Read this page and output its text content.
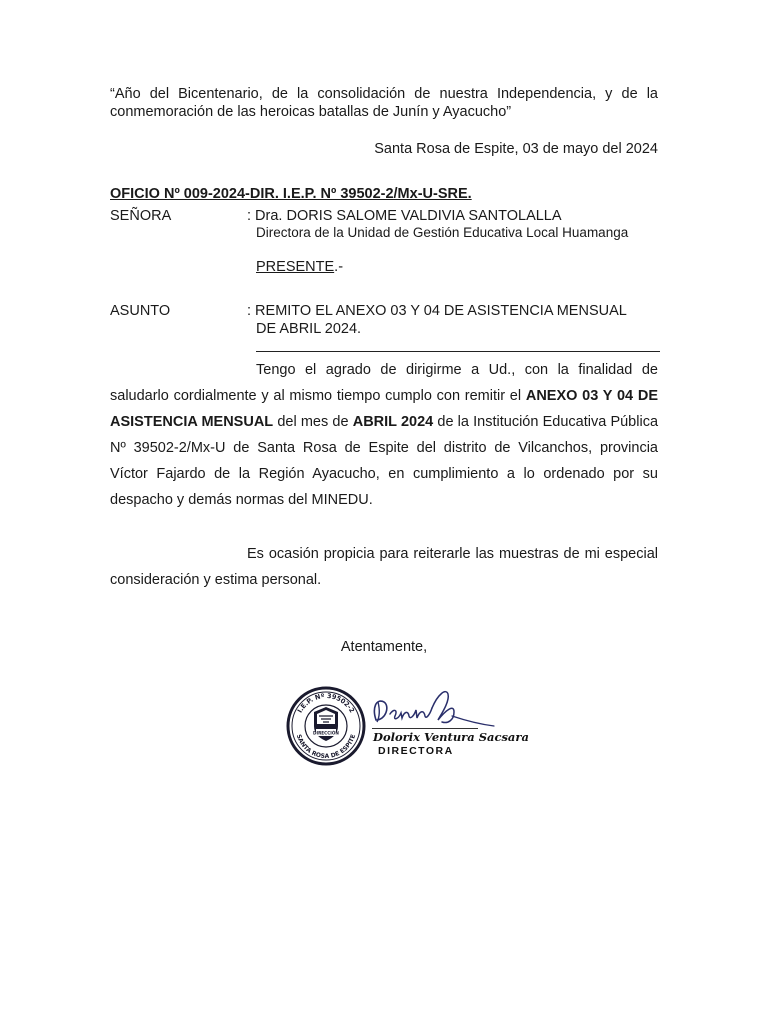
“Año del Bicentenario, de la consolidación de nuestra Independencia, y de la conmemoración de las heroicas batallas de Junín y Ayacucho”

Santa Rosa de Espite, 03 de mayo del 2024

OFICIO Nº 009-2024-DIR. I.E.P. Nº 39502-2/Mx-U-SRE.

SEÑORA	: Dra. DORIS SALOME VALDIVIA SANTOLALLA

Directora de la Unidad de Gestión Educativa Local Huamanga

PRESENTE.-

ASUNTO	: REMITO EL ANEXO 03 Y 04 DE ASISTENCIA MENSUAL

DE ABRIL 2024.

Tengo el agrado de dirigirme a Ud., con la finalidad de saludarlo cordialmente y al mismo tiempo cumplo con remitir el ANEXO 03 Y 04 DE ASISTENCIA MENSUAL del mes de ABRIL 2024 de la Institución Educativa Pública Nº 39502-2/Mx-U de Santa Rosa de Espite del distrito de Vilcanchos, provincia Víctor Fajardo de la Región Ayacucho, en cumplimiento a lo ordenado por su despacho y demás normas del MINEDU.

Es ocasión propicia para reiterarle las muestras de mi especial consideración y estima personal.

Atentamente,

I.E.P. Nº 39502-2
SANTA ROSA DE ESPITE
DIRECCIÓN	Dolorix Ventura Sacsara

DIRECTORA
